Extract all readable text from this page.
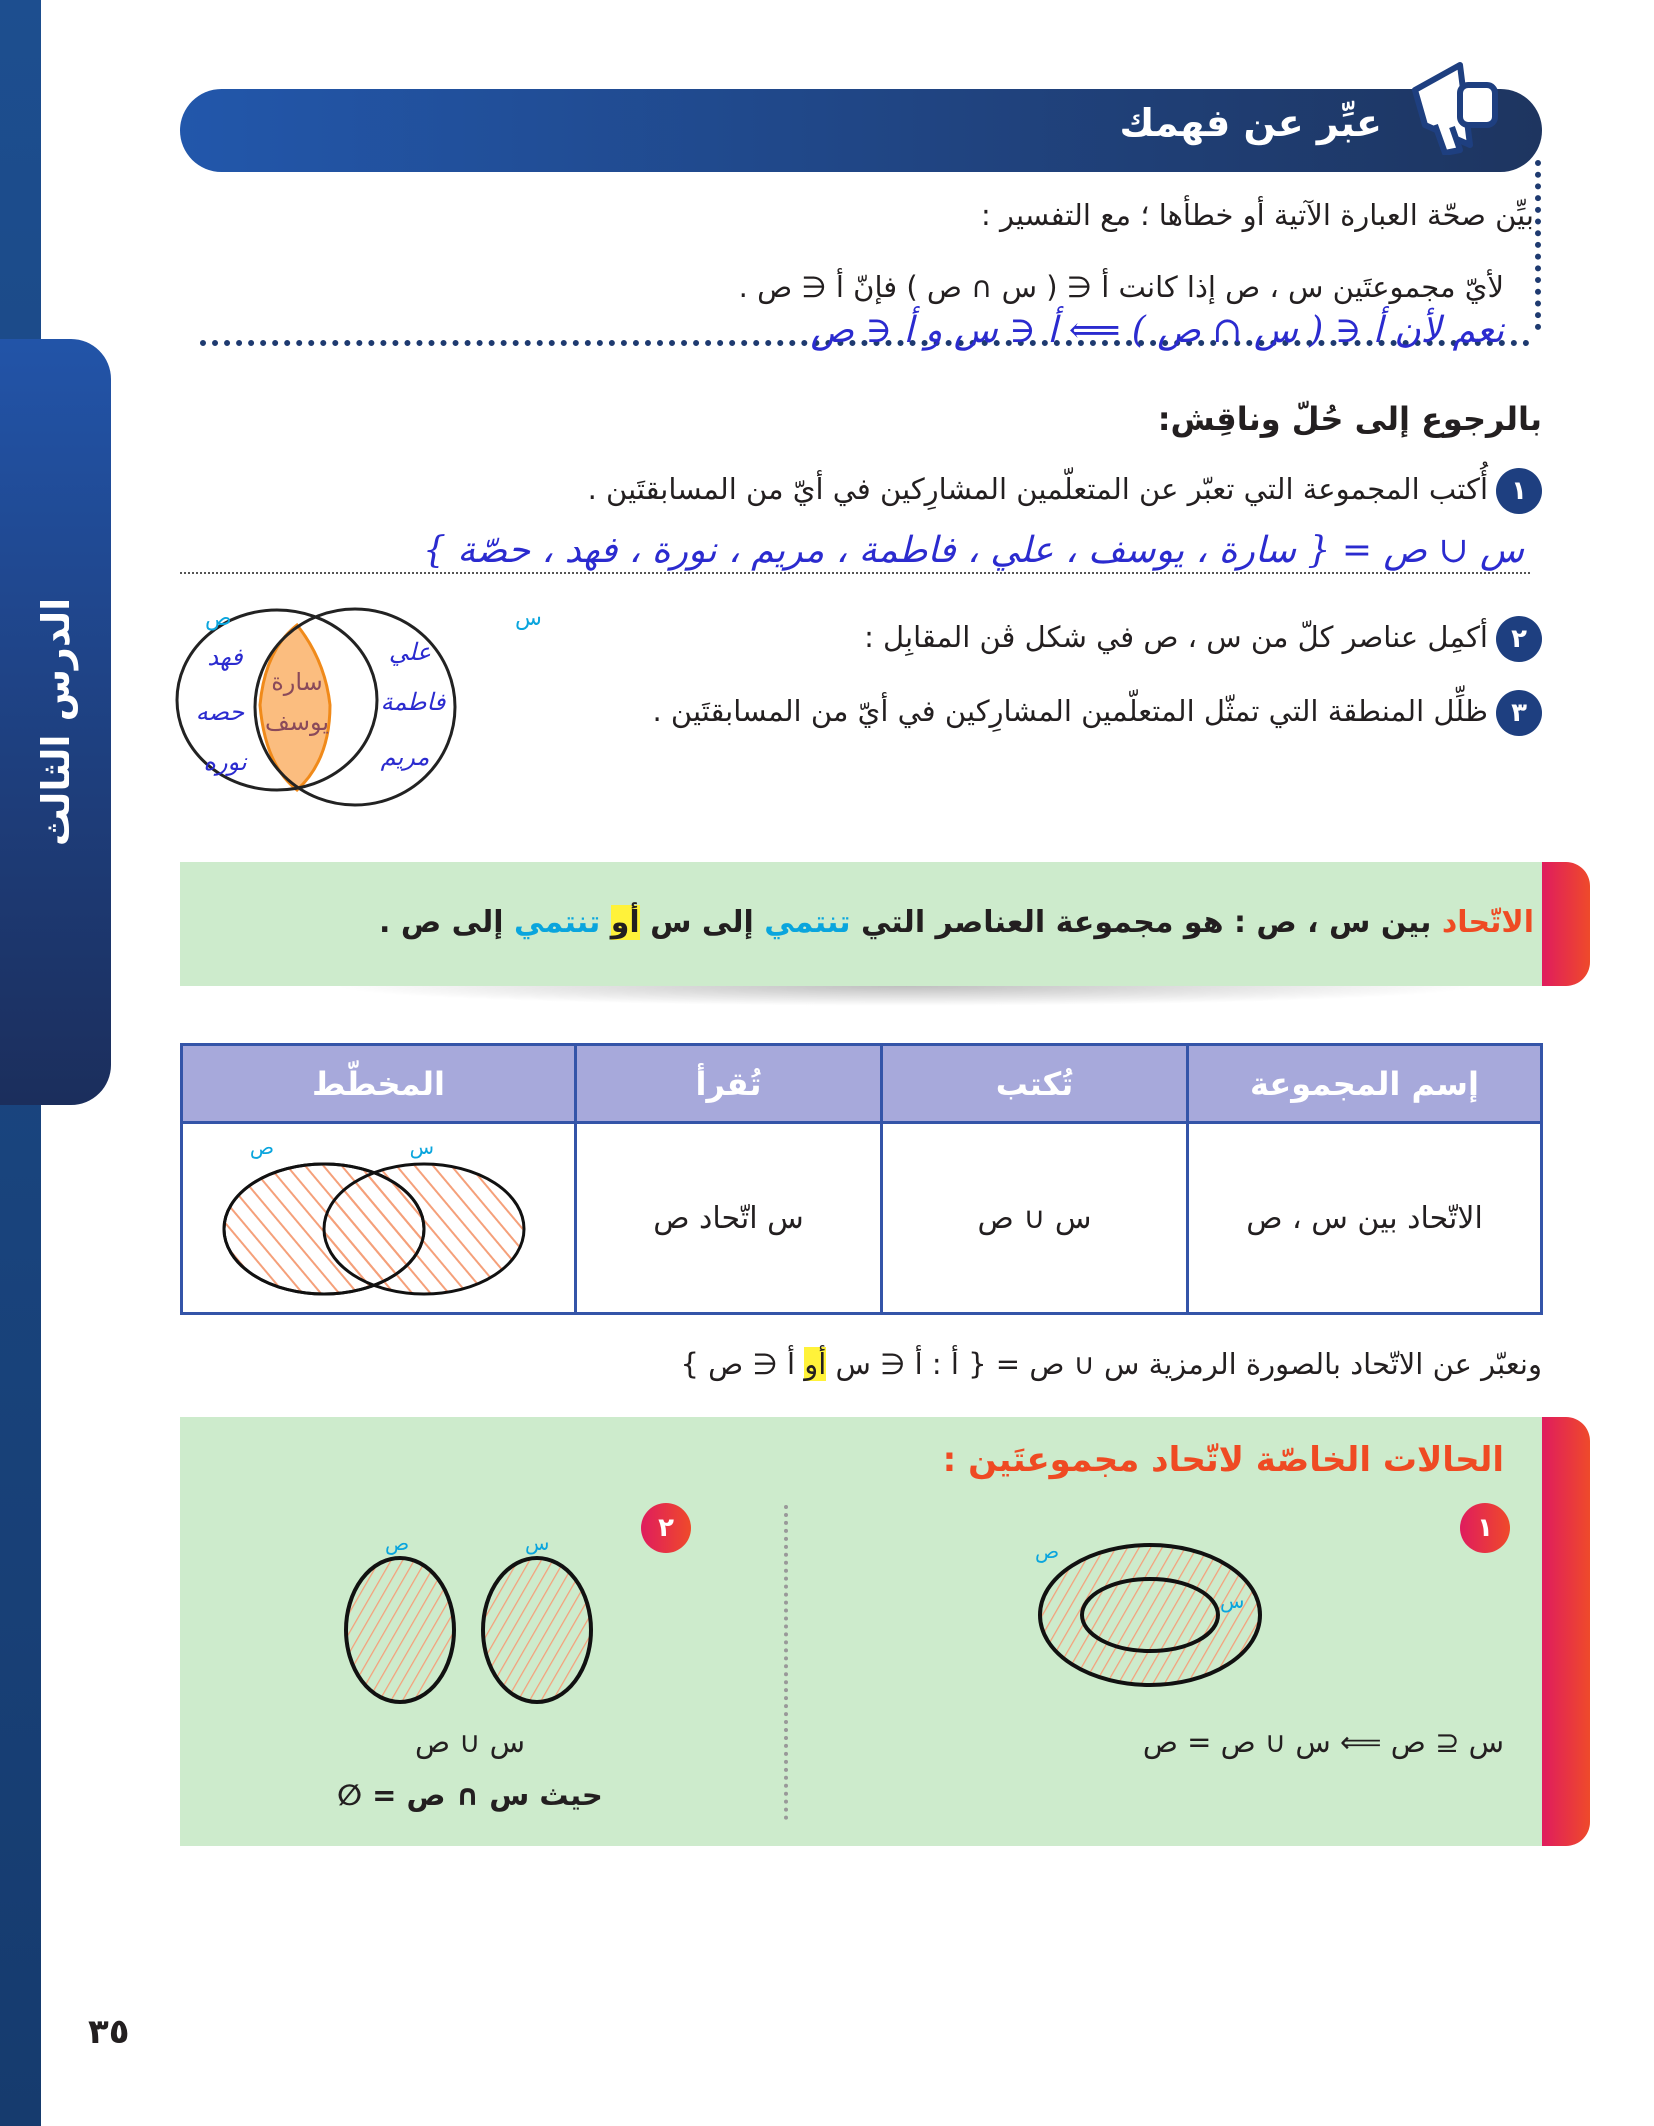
الدرس الثالث
عبِّر عن فهمك
بيِّن صحّة العبارة الآتية أو خطأها ؛ مع التفسير :
لأيّ مجموعتَين س ، ص إذا كانت أ ∈ ( س ∩ ص ) فإنّ أ ∈ ص .
نعم لأن أ ∈ ( س ∩ ص ) ⟸ أ ∈ س و أ ∈ ص
بالرجوع إلى حُلّ وناقِش:
١أُكتب المجموعة التي تعبّر عن المتعلّمين المشارِكين في أيّ من المسابقتَين .
س ∪ ص = { سارة ، يوسف ، علي ، فاطمة ، مريم ، نورة ، فهد ، حصّة }
٢أكمِل عناصر كلّ من س ، ص في شكل ڤن المقابِل :
٣ظلِّل المنطقة التي تمثّل المتعلّمين المشارِكين في أيّ من المسابقتَين .
ص	س
فهد
حصه
نوره
علي
فاطمة
مريم
سارة
يوسف
الاتّحاد بين س ، ص : هو مجموعة العناصر التي تنتمي إلى س أو تنتمي إلى ص .
إسم المجموعة	تُكتب	تُقرأ	المخطّط
الاتّحاد بين س ، ص	س ∪ ص	س اتّحاد ص	ص س
ونعبّر عن الاتّحاد بالصورة الرمزية س ∪ ص = { أ : أ ∈ س أو أ ∈ ص }
الحالات الخاصّة لاتّحاد مجموعتَين :
١
ص
س
س ⊆ ص ⟸ س ∪ ص = ص
٢
ص	س
س ∪ ص
حيث س ∩ ص = ∅
٣٥
